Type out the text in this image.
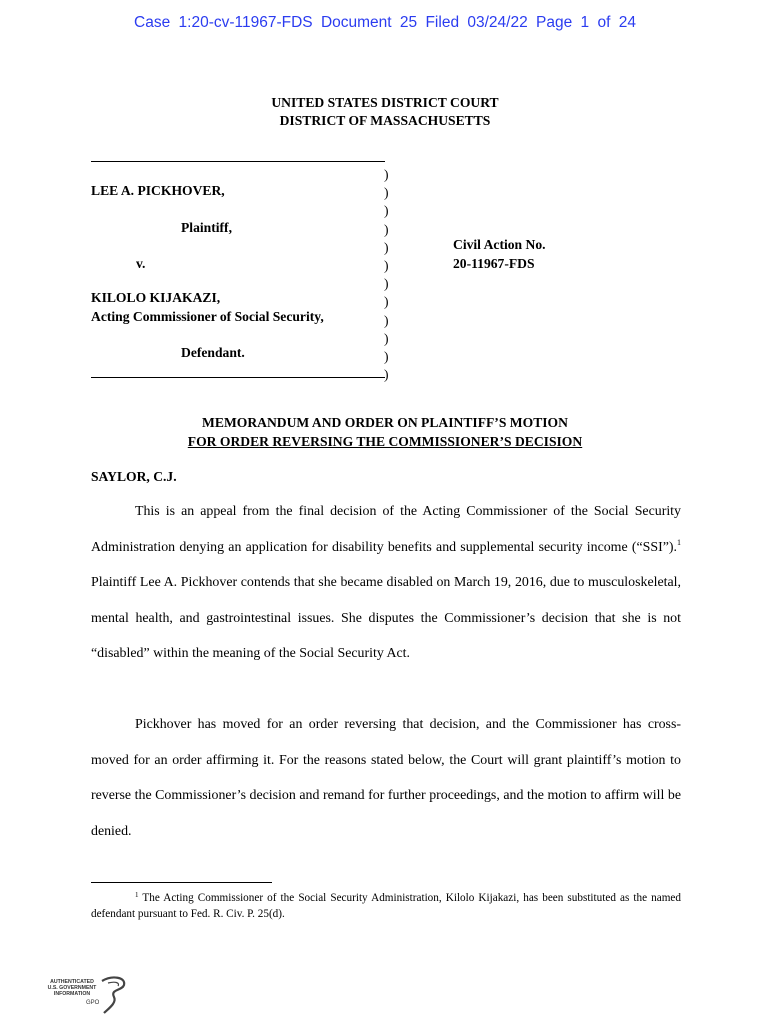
Case 1:20-cv-11967-FDS Document 25 Filed 03/24/22 Page 1 of 24
UNITED STATES DISTRICT COURT
DISTRICT OF MASSACHUSETTS
LEE A. PICKHOVER,
Plaintiff,
v.
KILOLO KIJAKAZI,
Acting Commissioner of Social Security,
Defendant.
)
)
)
)
)
)
)
)
)
)
)
)
Civil Action No.
20-11967-FDS
MEMORANDUM AND ORDER ON PLAINTIFF’S MOTION
FOR ORDER REVERSING THE COMMISSIONER’S DECISION
SAYLOR, C.J.
This is an appeal from the final decision of the Acting Commissioner of the Social Security Administration denying an application for disability benefits and supplemental security income (“SSI”).$^1$ Plaintiff Lee A. Pickhover contends that she became disabled on March 19, 2016, due to musculoskeletal, mental health, and gastrointestinal issues. She disputes the Commissioner’s decision that she is not “disabled” within the meaning of the Social Security Act.
Pickhover has moved for an order reversing that decision, and the Commissioner has cross-moved for an order affirming it. For the reasons stated below, the Court will grant plaintiff’s motion to reverse the Commissioner’s decision and remand for further proceedings, and the motion to affirm will be denied.
$^1$ The Acting Commissioner of the Social Security Administration, Kilolo Kijakazi, has been substituted as the named defendant pursuant to Fed. R. Civ. P. 25(d).
AUTHENTICATED
U.S. GOVERNMENT
INFORMATION
GPO
